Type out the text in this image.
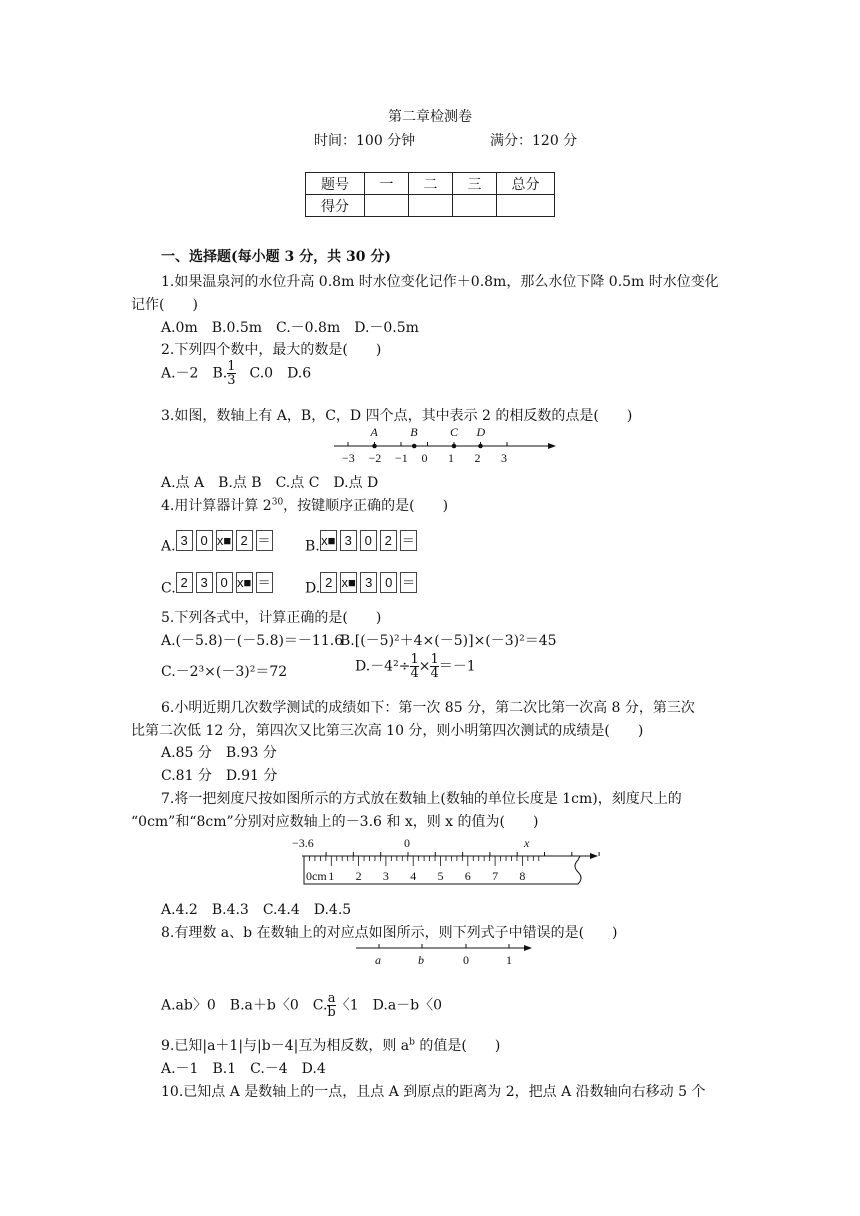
第二章检测卷
时间：100 分钟	满分：120 分
题号	一	二	三	总分
得分				
一、选择题(每小题 3 分，共 30 分)
1.如果温泉河的水位升高 0.8m 时水位变化记作＋0.8m，那么水位下降 0.5m 时水位变化
记作(　　)
A.0m　B.0.5m　C.－0.8m　D.－0.5m
2.下列四个数中，最大的数是(　　)
A.－2　B. $\frac{1}{3}$ 　C.0　D.6
3.如图，数轴上有 A，B，C，D 四个点，其中表示 2 的相反数的点是(　　)
−3 −2 −1 0 1 2 3
A	B	C D
A.点 A　B.点 B　C.点 C　D.点 D
4.用计算器计算 $2^{30}$，按键顺序正确的是(　　)
A. 3 0 x■ 2 ＝	B.x■ 3 0 2 ＝
C. 2 3 0 x■ ＝	D. 2 x■ 3 0 ＝
5.下列各式中，计算正确的是(　　)
A.(－5.8)－(－5.8)＝－11.6
B.[(－5)²＋4×(－5)]×(－3)²＝45
C.－2³×(－3)²＝72	$D.-4^2\div \frac{1}{4} \times \frac{1}{4} =-1$
6.小明近期几次数学测试的成绩如下：第一次 85 分，第二次比第一次高 8 分，第三次
比第二次低 12 分，第四次又比第三次高 10 分，则小明第四次测试的成绩是(　　)
A.85 分　B.93 分
C.81 分　D.91 分
7.将一把刻度尺按如图所示的方式放在数轴上(数轴的单位长度是 1cm)，刻度尺上的
“0cm”和“8cm”分别对应数轴上的－3.6 和 x，则 x 的值为(　　)
−3.6	0	x
0cm 1 2 3 4 5 6 7 8
A.4.2　B.4.3　C.4.4　D.4.5
8.有理数 a、b 在数轴上的对应点如图所示，则下列式子中错误的是(　　)
a	b	0	1
A.ab〉0　B.a＋b〈0　C. $\frac{a}{b}$ 〈1　D.a－b〈0
9.已知|a＋1|与|b－4|互为相反数，则 $a^b$ 的值是(　　)
A.－1　B.1　C.－4　D.4
10.已知点 A 是数轴上的一点，且点 A 到原点的距离为 2，把点 A 沿数轴向右移动 5 个
